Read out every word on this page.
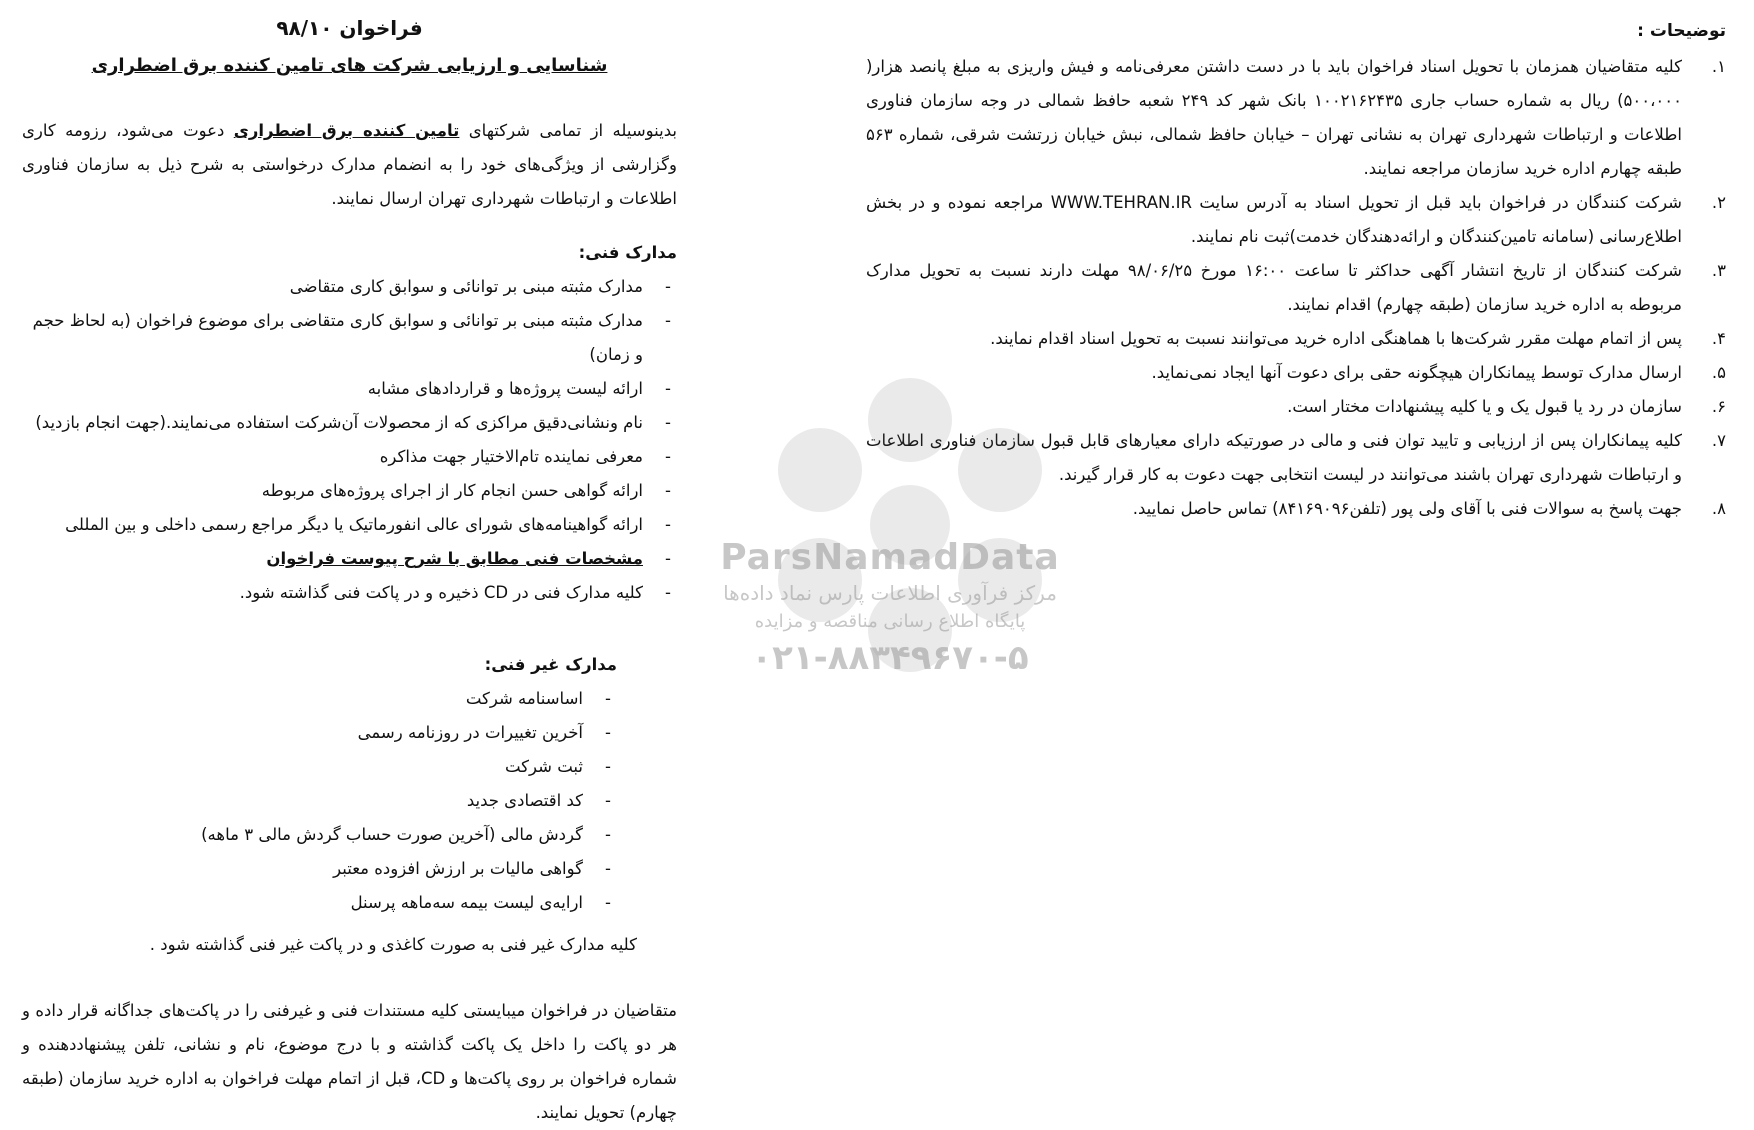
توضیحات :
.۱
کلیه متقاضیان همزمان با تحویل اسناد فراخوان باید با در دست داشتن معرفی‌نامه و فیش واریزی به مبلغ پانصد هزار( ۵۰۰،۰۰۰) ریال به شماره حساب جاری ۱۰۰۲۱۶۲۴۳۵ بانک شهر کد ۲۴۹ شعبه حافظ شمالی در وجه سازمان فناوری اطلاعات و ارتباطات شهرداری تهران به نشانی تهران – خیابان حافظ شمالی، نبش خیابان زرتشت شرقی، شماره ۵۶۳ طبقه چهارم اداره خرید سازمان مراجعه نمایند.
.۲
شرکت کنندگان در فراخوان باید قبل از تحویل اسناد به آدرس سایت WWW.TEHRAN.IR مراجعه نموده و در بخش اطلاع‌رسانی (سامانه تامین‌کنندگان و ارائه‌دهندگان خدمت)ثبت نام نمایند.
.۳
شرکت کنندگان از تاریخ انتشار آگهی حداکثر تا ساعت ۱۶:۰۰ مورخ ۹۸/۰۶/۲۵ مهلت دارند نسبت به تحویل مدارک مربوطه به اداره خرید سازمان (طبقه چهارم) اقدام نمایند.
.۴
پس از اتمام مهلت مقرر شرکت‌ها با هماهنگی اداره خرید می‌توانند نسبت به تحویل اسناد اقدام نمایند.
.۵
ارسال مدارک توسط پیمانکاران هیچگونه حقی برای دعوت آنها ایجاد نمی‌نماید.
.۶
سازمان در رد یا قبول یک و یا کلیه پیشنهادات مختار است.
.۷
کلیه پیمانکاران پس از ارزیابی و تایید توان فنی و مالی در صورتیکه دارای معیارهای قابل قبول سازمان فناوری اطلاعات و ارتباطات شهرداری تهران باشند می‌توانند در لیست انتخابی جهت دعوت به کار قرار گیرند.
.۸
جهت پاسخ به سوالات فنی با آقای ولی پور (تلفن۸۴۱۶۹۰۹۶) تماس حاصل نمایید.
ParsNamadData
مرکز فرآوری اطلاعات پارس نماد داده‌ها
پایگاه اطلاع رسانی مناقصه و مزایده
۰۲۱-۸۸۳۴۹۶۷۰-۵
فراخوان ۹۸/۱۰
شناسایی و ارزیابی شرکت های تامین کننده برق اضطراری

بدینوسیله از تمامی شرکتهای تامین کننده برق اضطراری دعوت می‌شود، رزومه کاری وگزارشی از ویژگی‌های خود را به انضمام مدارک درخواستی به شرح ذیل به سازمان فناوری اطلاعات و ارتباطات شهرداری تهران ارسال نمایند.

مدارک فنی:
- مدارک مثبته مبنی بر توانائی و سوابق کاری متقاضی
- مدارک مثبته مبنی بر توانائی و سوابق کاری متقاضی برای موضوع فراخوان (به لحاظ حجم و زمان)
- ارائه لیست پروژه‌ها و قراردادهای مشابه
- نام ونشانی‌دقیق مراکزی که از محصولات آن‌شرکت استفاده می‌نمایند.(جهت انجام بازدید)
- معرفی نماینده تام‌الاختیار جهت مذاکره
- ارائه گواهی حسن انجام کار از اجرای پروژه‌های مربوطه
- ارائه گواهینامه‌های شورای عالی انفورماتیک یا دیگر مراجع رسمی داخلی و بین المللی
- مشخصات فنی مطابق با شرح پیوست فراخوان
- کلیه مدارک فنی در CD ذخیره و در پاکت فنی گذاشته شود.
مدارک غیر فنی:
- اساسنامه شرکت
- آخرین تغییرات در روزنامه رسمی
- ثبت شرکت
- کد اقتصادی جدید
- گردش مالی (آخرین صورت حساب گردش مالی ۳ ماهه)
- گواهی مالیات بر ارزش افزوده معتبر
- ارایه‌ی لیست بیمه سه‌ماهه پرسنل
کلیه مدارک غیر فنی به صورت کاغذی و در پاکت غیر فنی گذاشته شود .

متقاضیان در فراخوان میبایستی کلیه مستندات فنی و غیرفنی را در پاکت‌های جداگانه قرار داده و هر دو پاکت را داخل یک پاکت گذاشته و با درج موضوع، نام و نشانی، تلفن پیشنهاددهنده و شماره فراخوان بر روی پاکت‌ها و CD، قبل از اتمام مهلت فراخوان به اداره خرید سازمان (طبقه چهارم) تحویل نمایند.
